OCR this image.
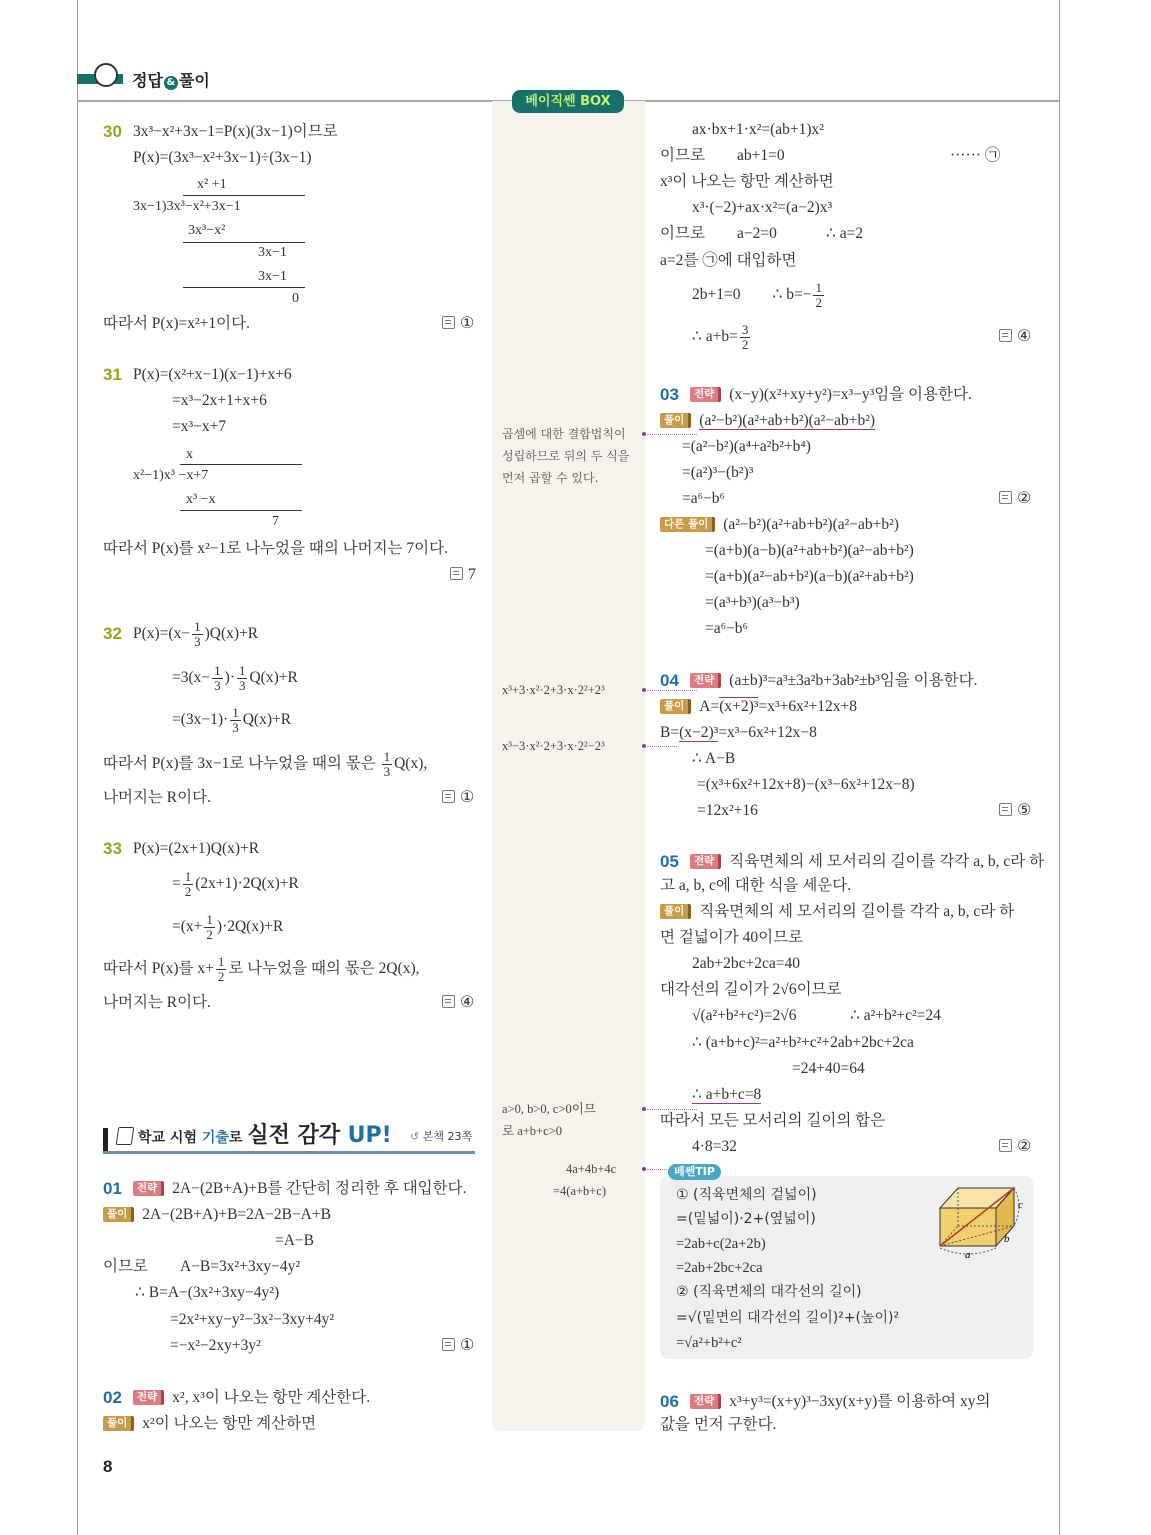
정답 & 풀이
베이직쎈 BOX
30 3x³−x²+3x−1=P(x)(3x−1)이므로
P(x)=(3x³−x²+3x−1)÷(3x−1)
x² +1
3x−1)3x³−x²+3x−1
3x³−x²
3x−1
3x−1
0
따라서 P(x)=x²+1이다.	①
31 P(x)=(x²+x−1)(x−1)+x+6
=x³−2x+1+x+6
=x³−x+7
x
x²−1)x³ −x+7
x³ −x
7
따라서 P(x)를 x²−1로 나누었을 때의 나머지는 7이다.
7
32 $P(x)=(x- \frac{1}{3} )Q(x)+R$
$=3(x- \frac{1}{3}$ )· $\frac{1}{3} Q(x)+R$
$=(3x-1)\cdot \frac{1}{3} Q(x)+R$
따라서 P(x)를 3x−1로 나누었을 때의 몫은 $\frac{1}{3} Q(x)$,
나머지는 R이다.	①
33 P(x)=(2x+1)Q(x)+R
= $\frac{1}{2} (2x+1)\cdot 2Q(x)+R$
$=(x+ \frac{1}{2} )\cdot 2Q(x)+R$
따라서 P(x)를 $x+ \frac{1}{2}$ 로 나누었을 때의 몫은 2Q(x),
나머지는 R이다.	④
학교 시험 기출로 실전 감각 UP! ↺ 본책 23쪽
01	전략 2A−(2B+A)+B를 간단히 정리한 후 대입한다.
풀이 2A−(2B+A)+B=2A−2B−A+B
=A−B
이므로 A−B=3x²+3xy−4y²
∴ B=A−(3x²+3xy−4y²)
=2x²+xy−y²−3x²−3xy+4y²
=−x²−2xy+3y²	①
02	전략 x², x³이 나오는 항만 계산한다.
풀이 x²이 나오는 항만 계산하면
ax·bx+1·x²=(ab+1)x²
이므로 ab+1=0	······ ㉠
x³이 나오는 항만 계산하면
x³·(−2)+ax·x²=(a−2)x³
이므로 a−2=0	∴ a=2
a=2를 ㉠에 대입하면
2b+1=0 ∴ $b=- \frac{1}{2}$
∴ $a+b= \frac{3}{2}$	④
03	전략 (x−y)(x²+xy+y²)=x³−y³임을 이용한다.
풀이 (a²−b²)(a²+ab+b²)(a²−ab+b²)
=(a²−b²)(a⁴+a²b²+b⁴)
=(a²)³−(b²)³
=a⁶−b⁶	②
다른 풀이 (a²−b²)(a²+ab+b²)(a²−ab+b²)
=(a+b)(a−b)(a²+ab+b²)(a²−ab+b²)
=(a+b)(a²−ab+b²)(a−b)(a²+ab+b²)
=(a³+b³)(a³−b³)
=a⁶−b⁶
곱셈에 대한 결합법칙이
성립하므로 뒤의 두 식을
먼저 곱할 수 있다.
04	전략 (a±b)³=a³±3a²b+3ab²±b³임을 이용한다.
풀이 A=(x+2)³=x³+6x²+12x+8
B=(x−2)³=x³−6x²+12x−8
∴ A−B
=(x³+6x²+12x+8)−(x³−6x²+12x−8)
=12x²+16	⑤
x³+3·x²·2+3·x·2²+2³
x³−3·x²·2+3·x·2²−2³
05	전략 직육면체의 세 모서리의 길이를 각각 a, b, c라 하
고 a, b, c에 대한 식을 세운다.
풀이 직육면체의 세 모서리의 길이를 각각 a, b, c라 하
면 겉넓이가 40이므로
2ab+2bc+2ca=40
대각선의 길이가 2√6이므로
√(a²+b²+c²)=2√6	∴ a²+b²+c²=24
∴ (a+b+c)²=a²+b²+c²+2ab+2bc+2ca
=24+40=64
∴ a+b+c=8
따라서 모든 모서리의 길이의 합은
4·8=32	②
a>0, b>0, c>0이므
로 a+b+c>0
4a+4b+4c
=4(a+b+c)
베쎈TIP
① (직육면체의 겉넓이)
=(밑넓이)·2+(옆넓이)
=2ab+c(2a+2b)
=2ab+2bc+2ca
② (직육면체의 대각선의 길이)
=√(밑면의 대각선의 길이)²+(높이)²
=√a²+b²+c²
a
b
c
06	전략 x³+y³=(x+y)³−3xy(x+y)를 이용하여 xy의
값을 먼저 구한다.
8
